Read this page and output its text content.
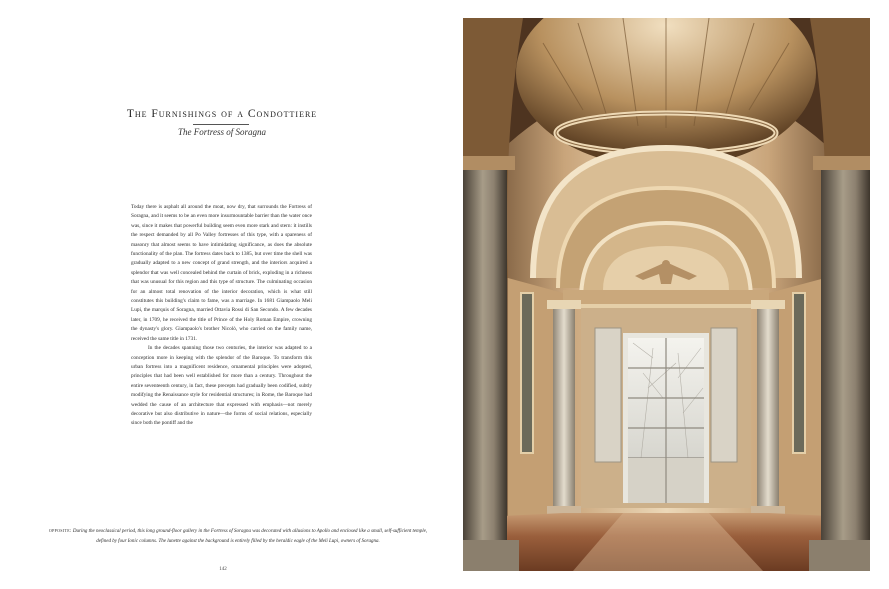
The Furnishings of a Condottiere
The Fortress of Soragna

Today there is asphalt all around the moat, now dry, that surrounds the Fortress of Soragna, and it seems to be an even more insurmountable barrier than the water once was, since it makes that powerful building seem even more stark and stern: it instills the respect demanded by all Po Valley fortresses of this type, with a spareness of masonry that almost seems to have intimidating significance, as does the absolute functionality of the plan. The fortress dates back to 1385, but over time the shell was gradually adapted to a new concept of grand strength, and the interiors acquired a splendor that was well concealed behind the curtain of brick, exploding in a richness that was unusual for this region and this type of structure. The culminating occasion for an almost total renovation of the interior decoration, which is what still constitutes this building's claim to fame, was a marriage. In 1681 Giampaolo Meli Lupi, the marquis of Soragna, married Ottavia Rossi di San Secondo. A few decades later, in 1709, he received the title of Prince of the Holy Roman Empire, crowning the dynasty's glory. Giampaolo's brother Nicolò, who carried on the family name, received the same title in 1731.

In the decades spanning those two centuries, the interior was adapted to a conception more in keeping with the splendor of the Baroque. To transform this urban fortress into a magnificent residence, ornamental principles were adopted, principles that had been well established for more than a century. Throughout the entire seventeenth century, in fact, these precepts had gradually been codified, subtly modifying the Renaissance style for residential structures; in Rome, the Baroque had wedded the cause of an architecture that expressed with emphasis—not merely decorative but also distributive in nature—the forms of social relations, especially since both the pontiff and the

opposite: During the neoclassical period, this long ground-floor gallery in the Fortress of Soragna was decorated with allusions to Apollo and enclosed like a small, self-sufficient temple, defined by four Ionic columns. The lunette against the background is entirely filled by the heraldic eagle of the Meli Lupi, owners of Soragna.
142
